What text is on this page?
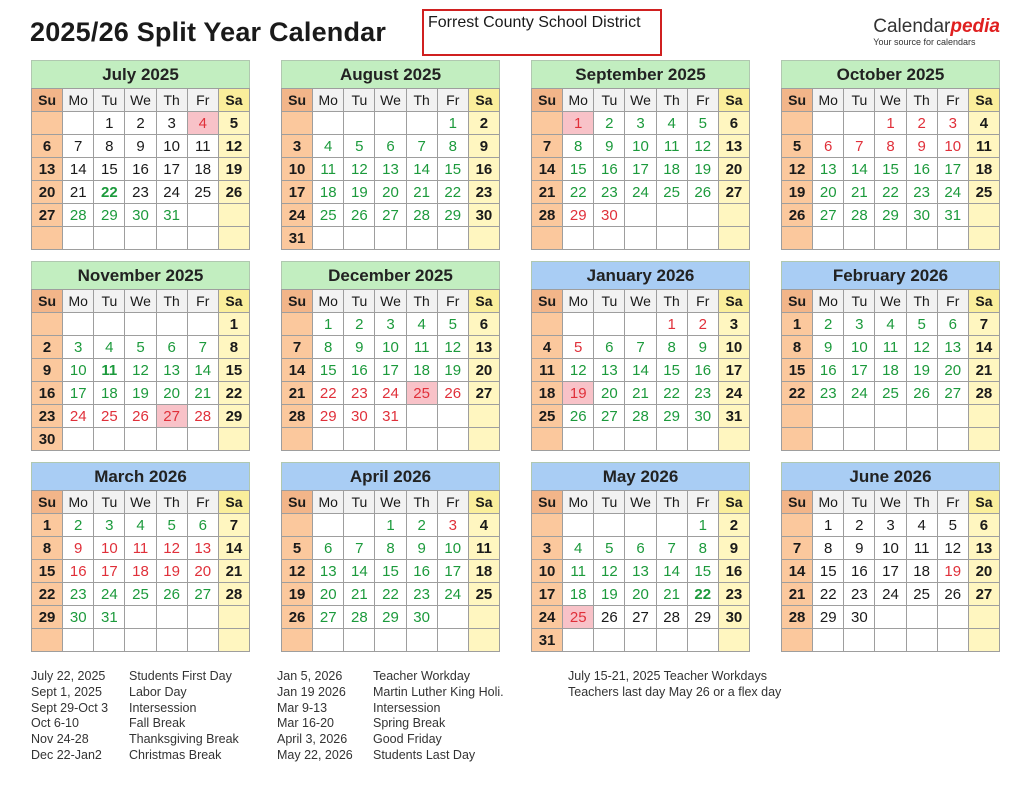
2025/26 Split Year Calendar	Forrest County School District	Calendarpedia
Your source for calendars
July 2025
Su	Mo	Tu	We	Th	Fr	Sa
		1	2	3	4	5
6	7	8	9	10	11	12
13	14	15	16	17	18	19
20	21	22	23	24	25	26
27	28	29	30	31		

August 2025
Su	Mo	Tu	We	Th	Fr	Sa
					1	2
3	4	5	6	7	8	9
10	11	12	13	14	15	16
17	18	19	20	21	22	23
24	25	26	27	28	29	30
31						
September 2025
Su	Mo	Tu	We	Th	Fr	Sa
	1	2	3	4	5	6
7	8	9	10	11	12	13
14	15	16	17	18	19	20
21	22	23	24	25	26	27
28	29	30				

October 2025
Su	Mo	Tu	We	Th	Fr	Sa
			1	2	3	4
5	6	7	8	9	10	11
12	13	14	15	16	17	18
19	20	21	22	23	24	25
26	27	28	29	30	31	

November 2025
Su	Mo	Tu	We	Th	Fr	Sa
						1
2	3	4	5	6	7	8
9	10	11	12	13	14	15
16	17	18	19	20	21	22
23	24	25	26	27	28	29
30						
December 2025
Su	Mo	Tu	We	Th	Fr	Sa
	1	2	3	4	5	6
7	8	9	10	11	12	13
14	15	16	17	18	19	20
21	22	23	24	25	26	27
28	29	30	31			

January 2026
Su	Mo	Tu	We	Th	Fr	Sa
				1	2	3
4	5	6	7	8	9	10
11	12	13	14	15	16	17
18	19	20	21	22	23	24
25	26	27	28	29	30	31

February 2026
Su	Mo	Tu	We	Th	Fr	Sa
1	2	3	4	5	6	7
8	9	10	11	12	13	14
15	16	17	18	19	20	21
22	23	24	25	26	27	28

March 2026
Su	Mo	Tu	We	Th	Fr	Sa
1	2	3	4	5	6	7
8	9	10	11	12	13	14
15	16	17	18	19	20	21
22	23	24	25	26	27	28
29	30	31				

April 2026
Su	Mo	Tu	We	Th	Fr	Sa
			1	2	3	4
5	6	7	8	9	10	11
12	13	14	15	16	17	18
19	20	21	22	23	24	25
26	27	28	29	30		

May 2026
Su	Mo	Tu	We	Th	Fr	Sa
					1	2
3	4	5	6	7	8	9
10	11	12	13	14	15	16
17	18	19	20	21	22	23
24	25	26	27	28	29	30
31						
June 2026
Su	Mo	Tu	We	Th	Fr	Sa
	1	2	3	4	5	6
7	8	9	10	11	12	13
14	15	16	17	18	19	20
21	22	23	24	25	26	27
28	29	30				

July 22, 2025	Students First Day
Sept 1, 2025	Labor Day
Sept 29-Oct 3	Intersession
Oct 6-10	Fall Break
Nov 24-28	Thanksgiving Break
Dec 22-Jan2	Christmas Break
Jan 5, 2026	Teacher Workday
Jan 19 2026	Martin Luther King Holi.
Mar 9-13	Intersession
Mar 16-20	Spring Break
April 3, 2026	Good Friday
May 22, 2026	Students Last Day
July 15-21, 2025 Teacher Workdays
Teachers last day May 26 or a flex day
